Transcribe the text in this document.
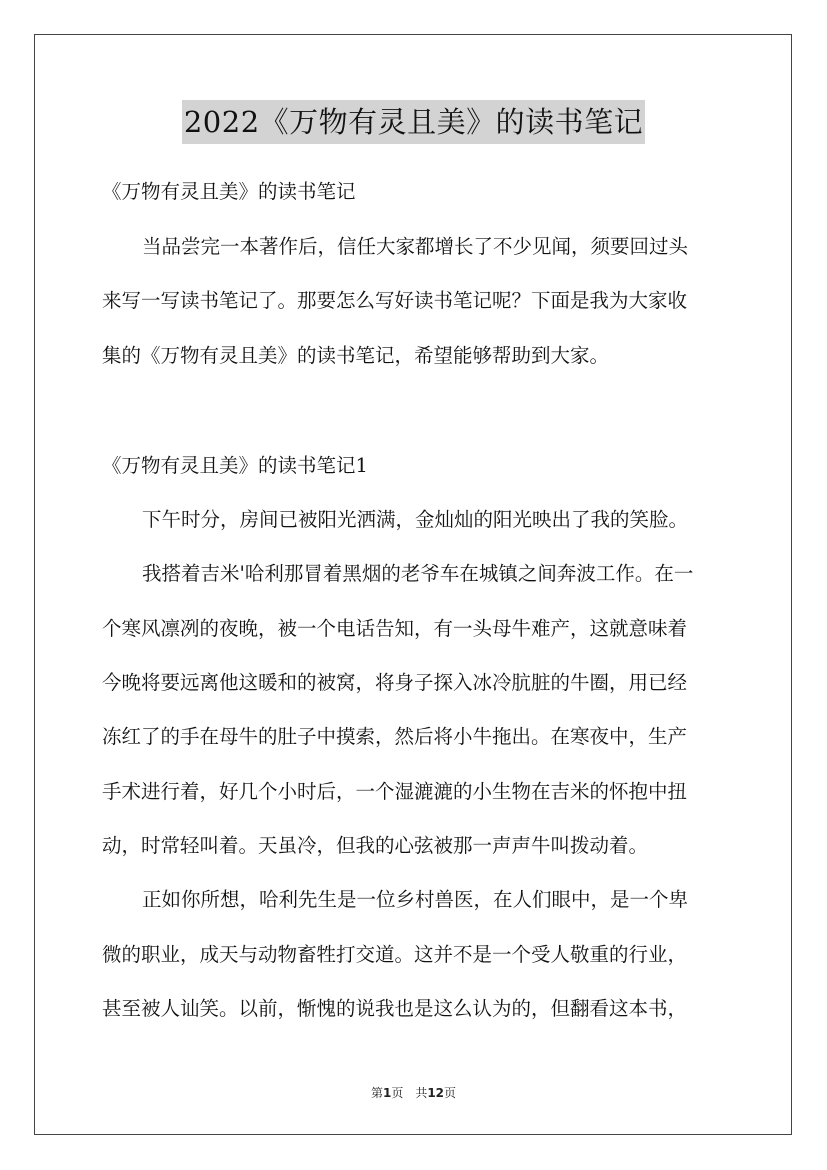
2022《万物有灵且美》的读书笔记
《万物有灵且美》的读书笔记
当品尝完一本著作后，信任大家都增长了不少见闻，须要回过头
来写一写读书笔记了。那要怎么写好读书笔记呢？下面是我为大家收
集的《万物有灵且美》的读书笔记，希望能够帮助到大家。
《万物有灵且美》的读书笔记1
下午时分，房间已被阳光洒满，金灿灿的阳光映出了我的笑脸。
我搭着吉米'哈利那冒着黑烟的老爷车在城镇之间奔波工作。在一
个寒风凛冽的夜晚，被一个电话告知，有一头母牛难产，这就意味着
今晚将要远离他这暖和的被窝，将身子探入冰冷肮脏的牛圈，用已经
冻红了的手在母牛的肚子中摸索，然后将小牛拖出。在寒夜中，生产
手术进行着，好几个小时后，一个湿漉漉的小生物在吉米的怀抱中扭
动，时常轻叫着。天虽冷，但我的心弦被那一声声牛叫拨动着。
正如你所想，哈利先生是一位乡村兽医，在人们眼中，是一个卑
微的职业，成天与动物畜牲打交道。这并不是一个受人敬重的行业，
甚至被人讪笑。以前，惭愧的说我也是这么认为的，但翻看这本书，
第1页　共12页
